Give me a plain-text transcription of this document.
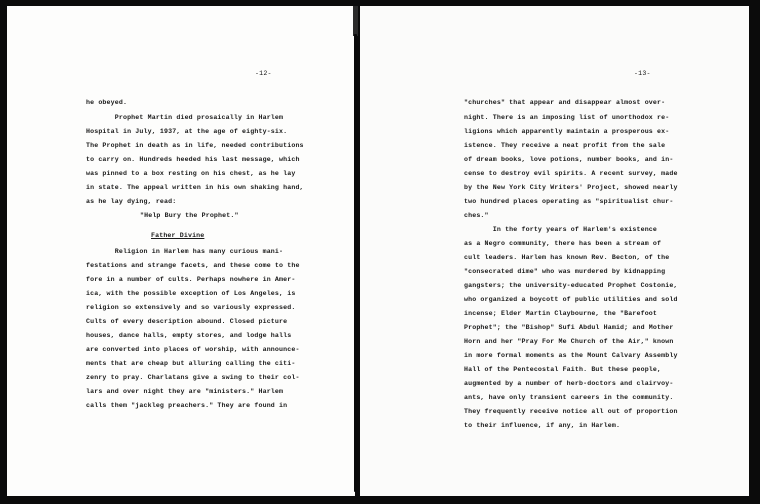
-12-
he obeyed.
Prophet Martin died prosaically in Harlem
Hospital in July, 1937, at the age of eighty-six.
The Prophet in death as in life, needed contributions
to carry on. Hundreds heeded his last message, which
was pinned to a box resting on his chest, as he lay
in state. The appeal written in his own shaking hand,
as he lay dying, read:
"Help Bury the Prophet."
Father Divine
Religion in Harlem has many curious mani-
festations and strange facets, and these come to the
fore in a number of cults. Perhaps nowhere in Amer-
ica, with the possible exception of Los Angeles, is
religion so extensively and so variously expressed.
Cults of every description abound. Closed picture
houses, dance halls, empty stores, and lodge halls
are converted into places of worship, with announce-
ments that are cheap but alluring calling the citi-
zenry to pray. Charlatans give a swing to their col-
lars and over night they are "ministers." Harlem
calls them "jackleg preachers." They are found in
-13-
"churches" that appear and disappear almost over-
night. There is an imposing list of unorthodox re-
ligions which apparently maintain a prosperous ex-
istence. They receive a neat profit from the sale
of dream books, love potions, number books, and in-
cense to destroy evil spirits. A recent survey, made
by the New York City Writers' Project, showed nearly
two hundred places operating as "spiritualist chur-
ches."
In the forty years of Harlem's existence
as a Negro community, there has been a stream of
cult leaders. Harlem has known Rev. Becton, of the
"consecrated dime" who was murdered by kidnapping
gangsters; the university-educated Prophet Costonie,
who organized a boycott of public utilities and sold
incense; Elder Martin Claybourne, the "Barefoot
Prophet"; the "Bishop" Sufi Abdul Hamid; and Mother
Horn and her "Pray For Me Church of the Air," known
in more formal moments as the Mount Calvary Assembly
Hall of the Pentecostal Faith. But these people,
augmented by a number of herb-doctors and clairvoy-
ants, have only transient careers in the community.
They frequently receive notice all out of proportion
to their influence, if any, in Harlem.
